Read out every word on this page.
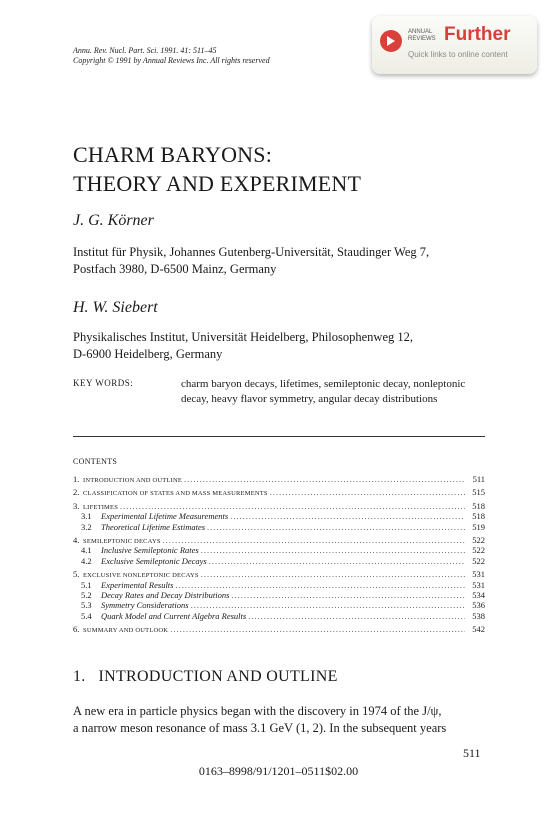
Annu. Rev. Nucl. Part. Sci. 1991. 41: 511–45
Copyright © 1991 by Annual Reviews Inc. All rights reserved
ANNUAL
REVIEWS Further
Quick links to online content
CHARM BARYONS:
THEORY AND EXPERIMENT
J. G. Körner
Institut für Physik, Johannes Gutenberg-Universität, Staudinger Weg 7,
Postfach 3980, D-6500 Mainz, Germany
H. W. Siebert
Physikalisches Institut, Universität Heidelberg, Philosophenweg 12,
D-6900 Heidelberg, Germany
KEY WORDS:	charm baryon decays, lifetimes, semileptonic decay, nonleptonic decay, heavy flavor symmetry, angular decay distributions
CONTENTS
1. INTRODUCTION AND OUTLINE .....	511
2. CLASSIFICATION OF STATES AND MASS MEASUREMENTS .....	515
3. LIFETIMES .....	518
3.1	Experimental Lifetime Measurements .....	518
3.2	Theoretical Lifetime Estimates .....	519
4. SEMILEPTONIC DECAYS .....	522
4.1	Inclusive Semileptonic Rates .....	522
4.2	Exclusive Semileptonic Decays .....	522
5. EXCLUSIVE NONLEPTONIC DECAYS .....	531
5.1	Experimental Results .....	531
5.2	Decay Rates and Decay Distributions .....	534
5.3	Symmetry Considerations .....	536
5.4	Quark Model and Current Algebra Results .....	538
6. SUMMARY AND OUTLOOK .....	542
1.   INTRODUCTION AND OUTLINE
A new era in particle physics began with the discovery in 1974 of the J/ψ,
a narrow meson resonance of mass 3.1 GeV (1, 2). In the subsequent years
511
0163–8998/91/1201–0511$02.00
